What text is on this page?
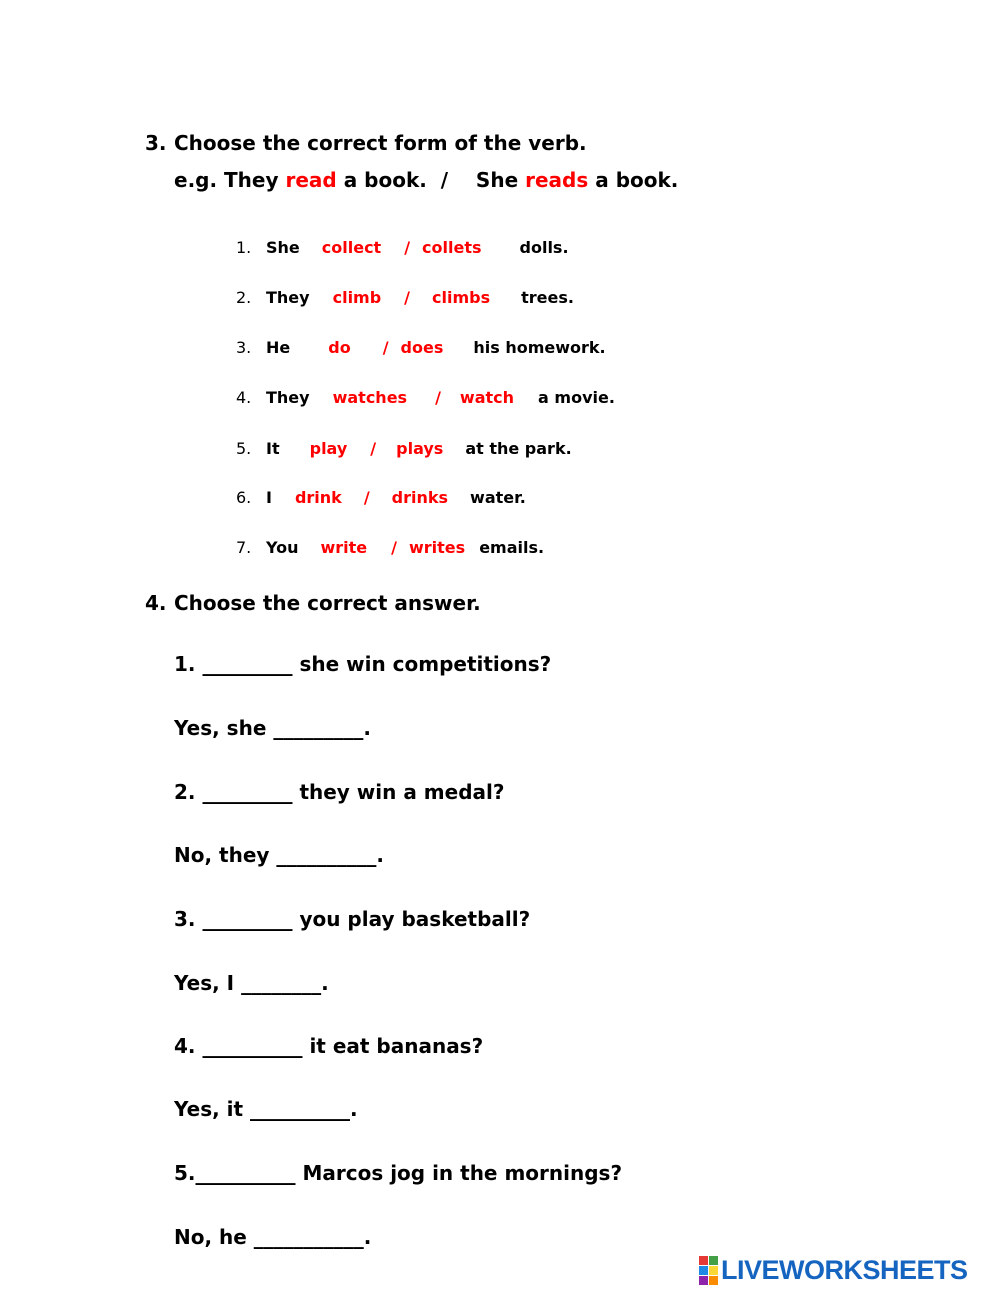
3. Choose the correct form of the verb.
e.g. They read a book.  /    She reads a book.
1. She collect / collets dolls.
2. They climb / climbs trees.
3. He do / does his homework.
4. They watches / watch a movie.
5. It play / plays at the park.
6. I drink / drinks water.
7. You write / writes emails.
4. Choose the correct answer.
1. _________ she win competitions?
Yes, she _________.
2. _________ they win a medal?
No, they __________.
3. _________ you play basketball?
Yes, I ________.
4. __________ it eat bananas?
Yes, it __________.
5.__________ Marcos jog in the mornings?
No, he ___________.
LIVEWORKSHEETS
